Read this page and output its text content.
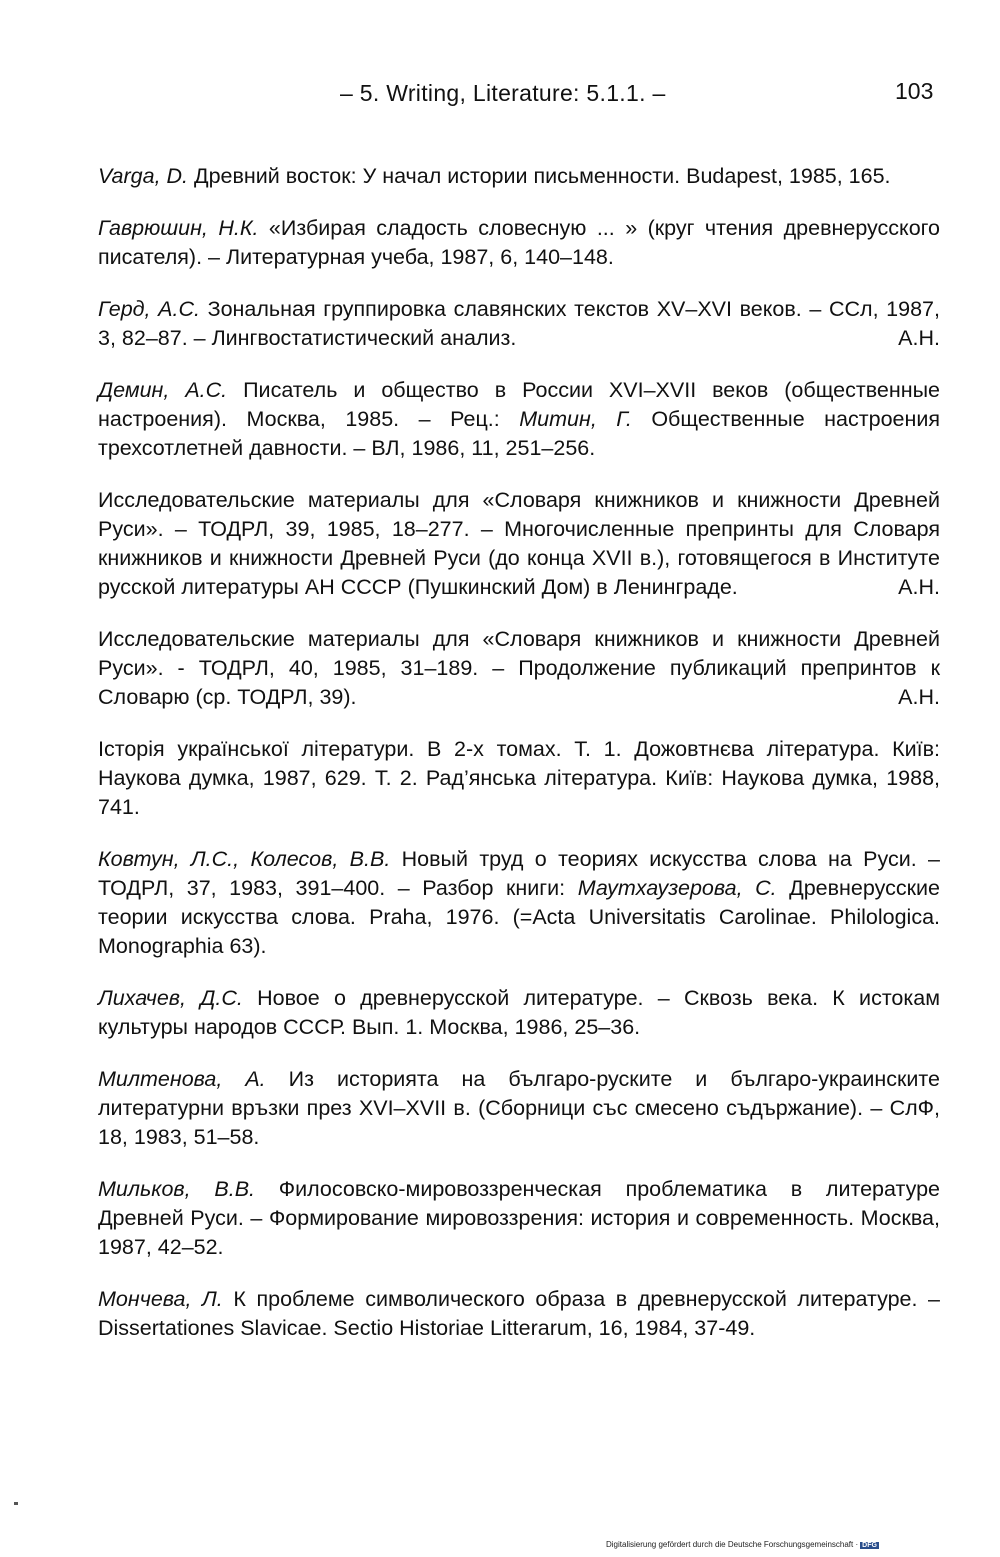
– 5. Writing, Literature: 5.1.1. –	103

Varga, D. Древний восток: У начал истории письменности. Budapest, 1985, 165.

Гаврюшин, Н.К. «Избирая сладость словесную ... » (круг чтения древнерусского писателя). – Литературная учеба, 1987, 6, 140–148.

Герд, А.С. Зональная группировка славянских текстов XV–XVI веков. – ССл, 1987, 3, 82–87. – Лингвостатистический анализ.	А.Н.

Демин, А.С. Писатель и общество в России XVI–XVII веков (общественные настроения). Москва, 1985. – Рец.: Митин, Г. Общественные настроения трехсотлетней давности. – ВЛ, 1986, 11, 251–256.

Исследовательские материалы для «Словаря книжников и книжности Древней Руси». – ТОДРЛ, 39, 1985, 18–277. – Многочисленные препринты для Словаря книжников и книжности Древней Руси (до конца XVII в.), готовящегося в Институте русской литературы АН СССР (Пушкинский Дом) в Ленинграде.	А.Н.

Исследовательские материалы для «Словаря книжников и книжности Древней Руси». - ТОДРЛ, 40, 1985, 31–189. – Продолжение публикаций препринтов к Словарю (ср. ТОДРЛ, 39).	А.Н.

Історія української літератури. В 2-х томах. Т. 1. Дожовтнєва література. Київ: Наукова думка, 1987, 629. Т. 2. Рад’янська література. Київ: Наукова думка, 1988, 741.

Ковтун, Л.С., Колесов, В.В. Новый труд о теориях искусства слова на Руси. – ТОДРЛ, 37, 1983, 391–400. – Разбор книги: Маутхаузерова, С. Древнерусские теории искусства слова. Praha, 1976. (=Acta Universitatis Carolinae. Philologica. Monographia 63).

Лихачев, Д.С. Новое о древнерусской литературе. – Сквозь века. К истокам культуры народов СССР. Вып. 1. Москва, 1986, 25–36.

Милтенова, А. Из историята на българо-руските и българо-украинските литературни връзки през XVI–XVII в. (Сборници със смесено съдържание). – СлФ, 18, 1983, 51–58.

Мильков, В.В. Филосовско-мировоззренческая проблематика в литературе Древней Руси. – Формирование мировоззрения: история и современность. Москва, 1987, 42–52.

Мончева, Л. К проблеме символического образа в древнерусской литературе. – Dissertationes Slavicae. Sectio Historiae Litterarum, 16, 1984, 37-49.

Digitalisierung gefördert durch die Deutsche Forschungsgemeinschaft · DFG
